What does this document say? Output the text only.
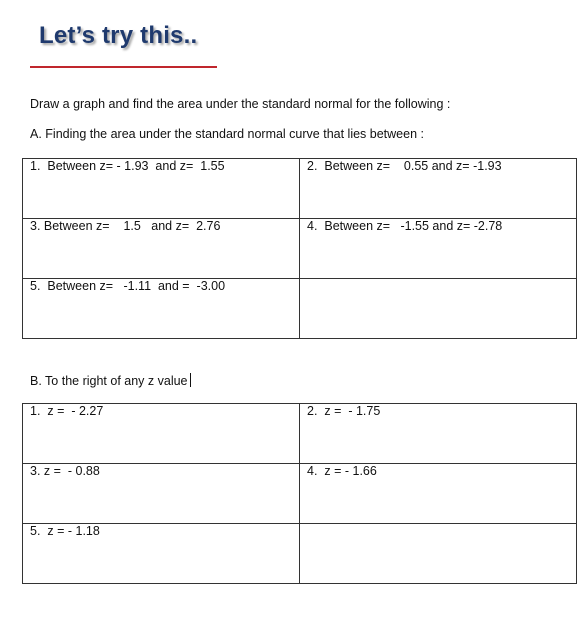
Let’s try this..

Draw a graph and find the area under the standard normal for the following :

A. Finding the area under the standard normal curve that lies between :

1.  Between z= - 1.93  and z=  1.55	2.  Between z=    0.55 and z= -1.93
3. Between z=    1.5   and z=  2.76	4.  Between z=   -1.55 and z= -2.78
5.  Between z=   -1.11  and =  -3.00	

B. To the right of any z value

1.  z =  - 2.27	2.  z =  - 1.75
3. z =  - 0.88	4.  z = - 1.66
5.  z = - 1.18	
